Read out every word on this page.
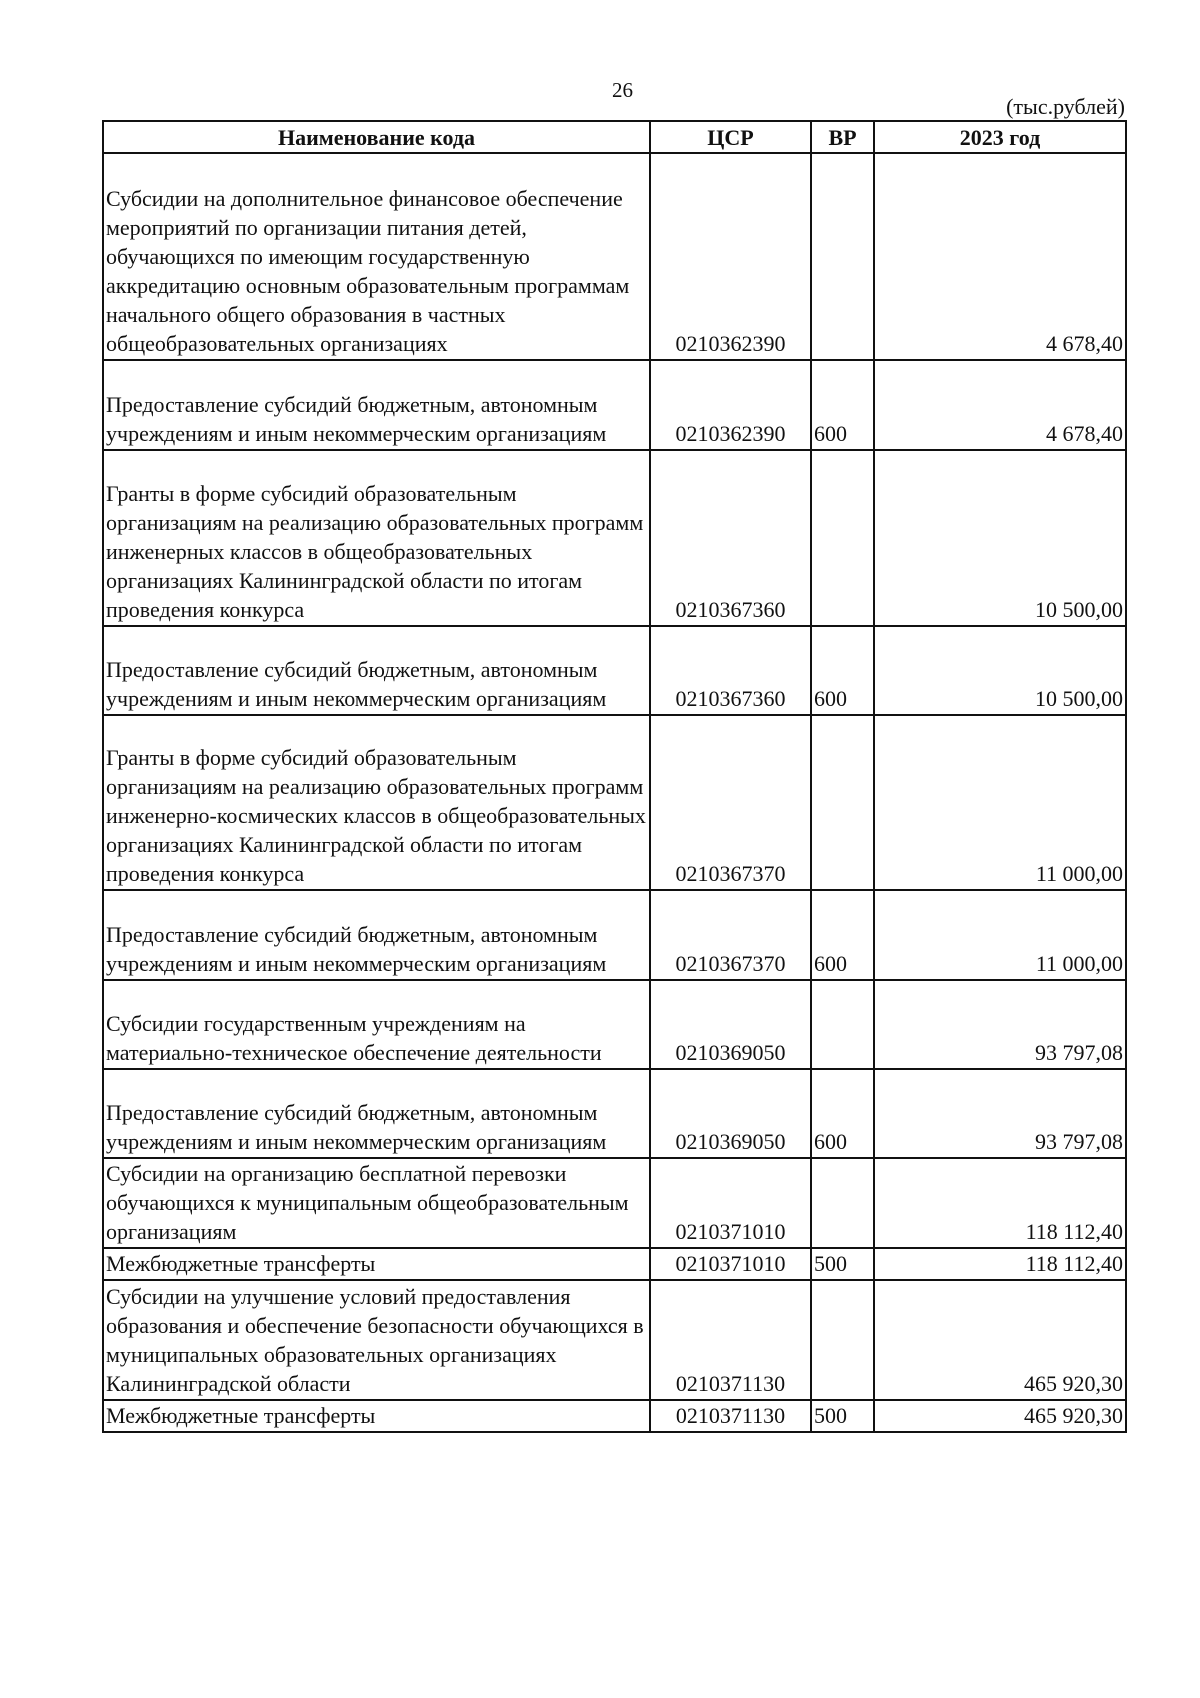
26
(тыс.рублей)
Наименование кода	ЦСР	ВР	2023 год
Субсидии на дополнительное финансовое обеспечение мероприятий по организации питания детей, обучающихся по имеющим государственную аккредитацию основным образовательным программам начального общего образования в частных общеобразовательных организациях	0210362390		4 678,40
Предоставление субсидий бюджетным, автономным учреждениям и иным некоммерческим организациям	0210362390	600	4 678,40
Гранты в форме субсидий образовательным организациям на реализацию образовательных программ инженерных классов в общеобразовательных организациях Калининградской области по итогам проведения конкурса	0210367360		10 500,00
Предоставление субсидий бюджетным, автономным учреждениям и иным некоммерческим организациям	0210367360	600	10 500,00
Гранты в форме субсидий образовательным организациям на реализацию образовательных программ инженерно-космических классов в общеобразовательных организациях Калининградской области по итогам проведения конкурса	0210367370		11 000,00
Предоставление субсидий бюджетным, автономным учреждениям и иным некоммерческим организациям	0210367370	600	11 000,00
Субсидии государственным учреждениям на материально-техническое обеспечение деятельности	0210369050		93 797,08
Предоставление субсидий бюджетным, автономным учреждениям и иным некоммерческим организациям	0210369050	600	93 797,08
Субсидии на организацию бесплатной перевозки обучающихся к муниципальным общеобразовательным организациям	0210371010		118 112,40
Межбюджетные трансферты	0210371010	500	118 112,40
Субсидии на улучшение условий предоставления образования и обеспечение безопасности обучающихся в муниципальных образовательных организациях Калининградской области	0210371130		465 920,30
Межбюджетные трансферты	0210371130	500	465 920,30
